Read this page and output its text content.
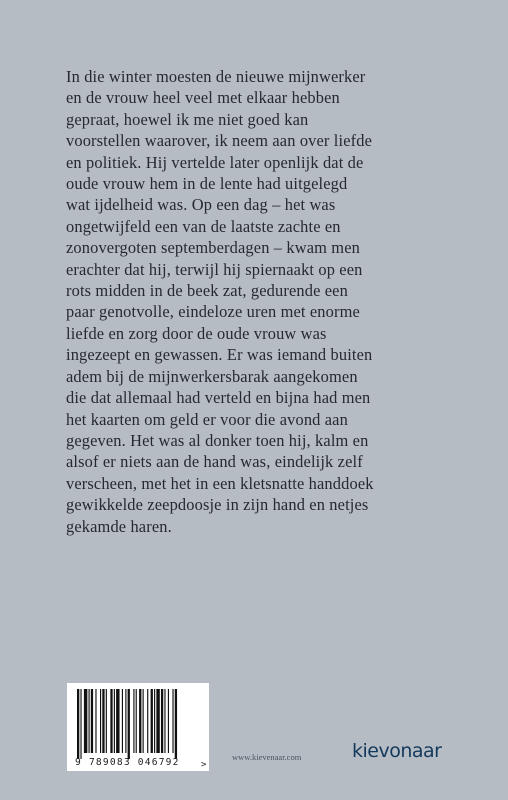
In die winter moesten de nieuwe mijnwerker
en de vrouw heel veel met elkaar hebben
gepraat, hoewel ik me niet goed kan
voorstellen waarover, ik neem aan over liefde
en politiek. Hij vertelde later openlijk dat de
oude vrouw hem in de lente had uitgelegd
wat ijdelheid was. Op een dag – het was
ongetwijfeld een van de laatste zachte en
zonovergoten septemberdagen – kwam men
erachter dat hij, terwijl hij spiernaakt op een
rots midden in de beek zat, gedurende een
paar genotvolle, eindeloze uren met enorme
liefde en zorg door de oude vrouw was
ingezeept en gewassen. Er was iemand buiten
adem bij de mijnwerkersbarak aangekomen
die dat allemaal had verteld en bijna had men
het kaarten om geld er voor die avond aan
gegeven. Het was al donker toen hij, kalm en
alsof er niets aan de hand was, eindelijk zelf
verscheen, met het in een kletsnatte handdoek
gewikkelde zeepdoosje in zijn hand en netjes
gekamde haren.
>
9 789083 046792	www.kievenaar.com	kievonaar
